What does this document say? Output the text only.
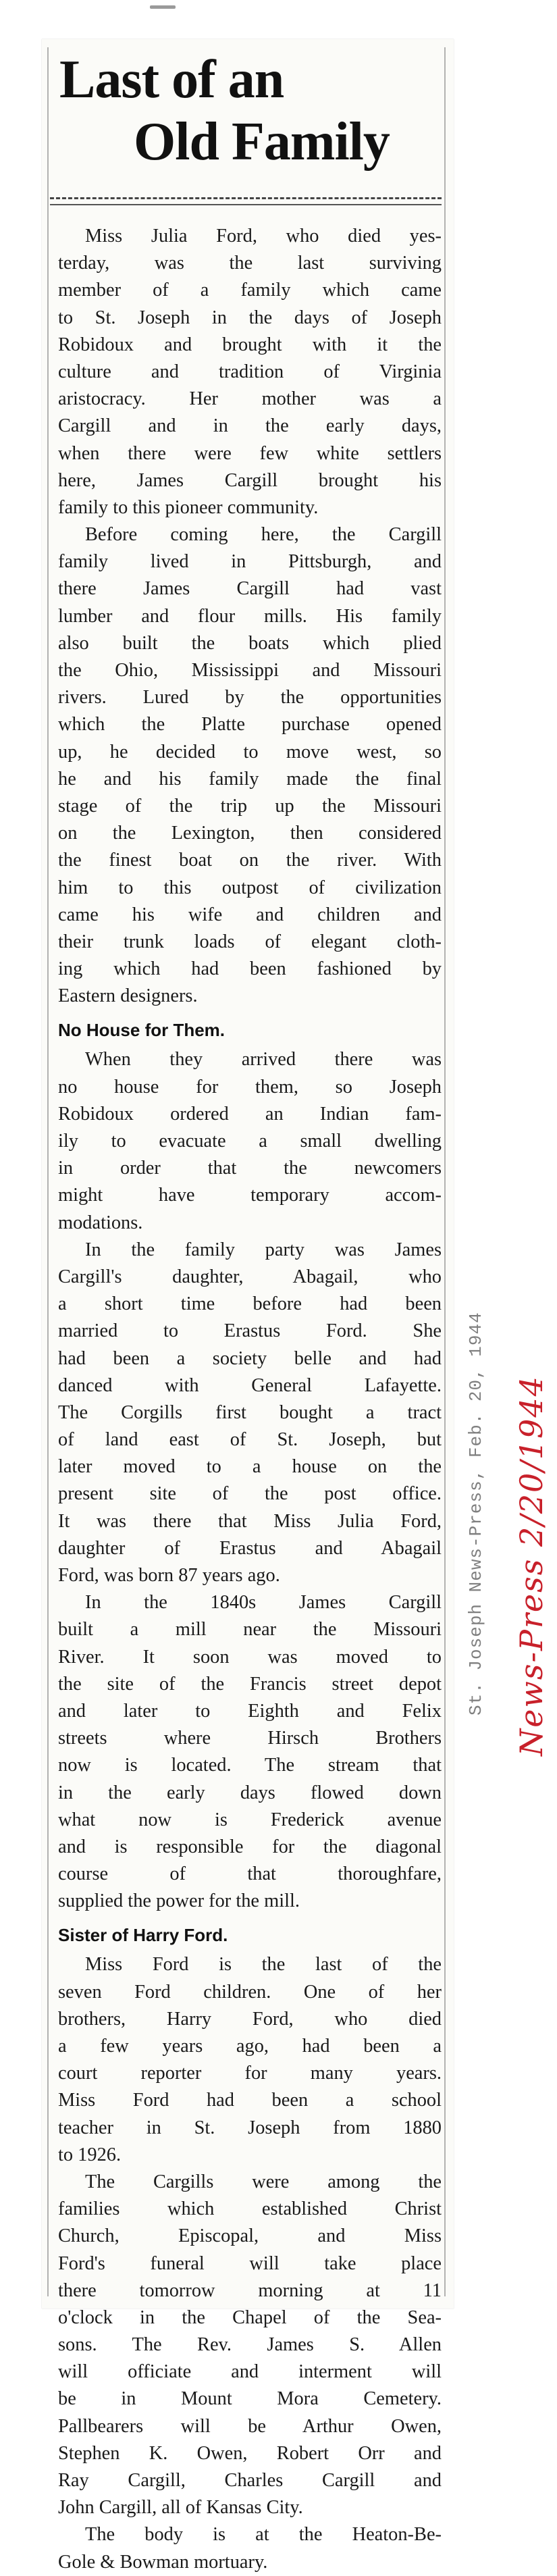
Last of an
Old Family
Miss Julia Ford, who died yes-
terday, was the last surviving
member of a family which came
to St. Joseph in the days of Joseph
Robidoux and brought with it the
culture and tradition of Virginia
aristocracy. Her mother was a
Cargill and in the early days,
when there were few white settlers
here, James Cargill brought his
family to this pioneer community.
Before coming here, the Cargill
family lived in Pittsburgh, and
there James Cargill had vast
lumber and flour mills. His family
also built the boats which plied
the Ohio, Mississippi and Missouri
rivers. Lured by the opportunities
which the Platte purchase opened
up, he decided to move west, so
he and his family made the final
stage of the trip up the Missouri
on the Lexington, then considered
the finest boat on the river. With
him to this outpost of civilization
came his wife and children and
their trunk loads of elegant cloth-
ing which had been fashioned by
Eastern designers.
No House for Them.
When they arrived there was
no house for them, so Joseph
Robidoux ordered an Indian fam-
ily to evacuate a small dwelling
in order that the newcomers
might have temporary accom-
modations.
In the family party was James
Cargill's daughter, Abagail, who
a short time before had been
married to Erastus Ford. She
had been a society belle and had
danced with General Lafayette.
The Corgills first bought a tract
of land east of St. Joseph, but
later moved to a house on the
present site of the post office.
It was there that Miss Julia Ford,
daughter of Erastus and Abagail
Ford, was born 87 years ago.
In the 1840s James Cargill
built a mill near the Missouri
River. It soon was moved to
the site of the Francis street depot
and later to Eighth and Felix
streets where Hirsch Brothers
now is located. The stream that
in the early days flowed down
what now is Frederick avenue
and is responsible for the diagonal
course of that thoroughfare,
supplied the power for the mill.
Sister of Harry Ford.
Miss Ford is the last of the
seven Ford children. One of her
brothers, Harry Ford, who died
a few years ago, had been a
court reporter for many years.
Miss Ford had been a school
teacher in St. Joseph from 1880
to 1926.
The Cargills were among the
families which established Christ
Church, Episcopal, and Miss
Ford's funeral will take place
there tomorrow morning at 11
o'clock in the Chapel of the Sea-
sons. The Rev. James S. Allen
will officiate and interment will
be in Mount Mora Cemetery.
Pallbearers will be Arthur Owen,
Stephen K. Owen, Robert Orr and
Ray Cargill, Charles Cargill and
John Cargill, all of Kansas City.
The body is at the Heaton-Be-
Gole & Bowman mortuary.
St. Joseph News-Press, Feb. 20, 1944 News-Press 2/20/1944
